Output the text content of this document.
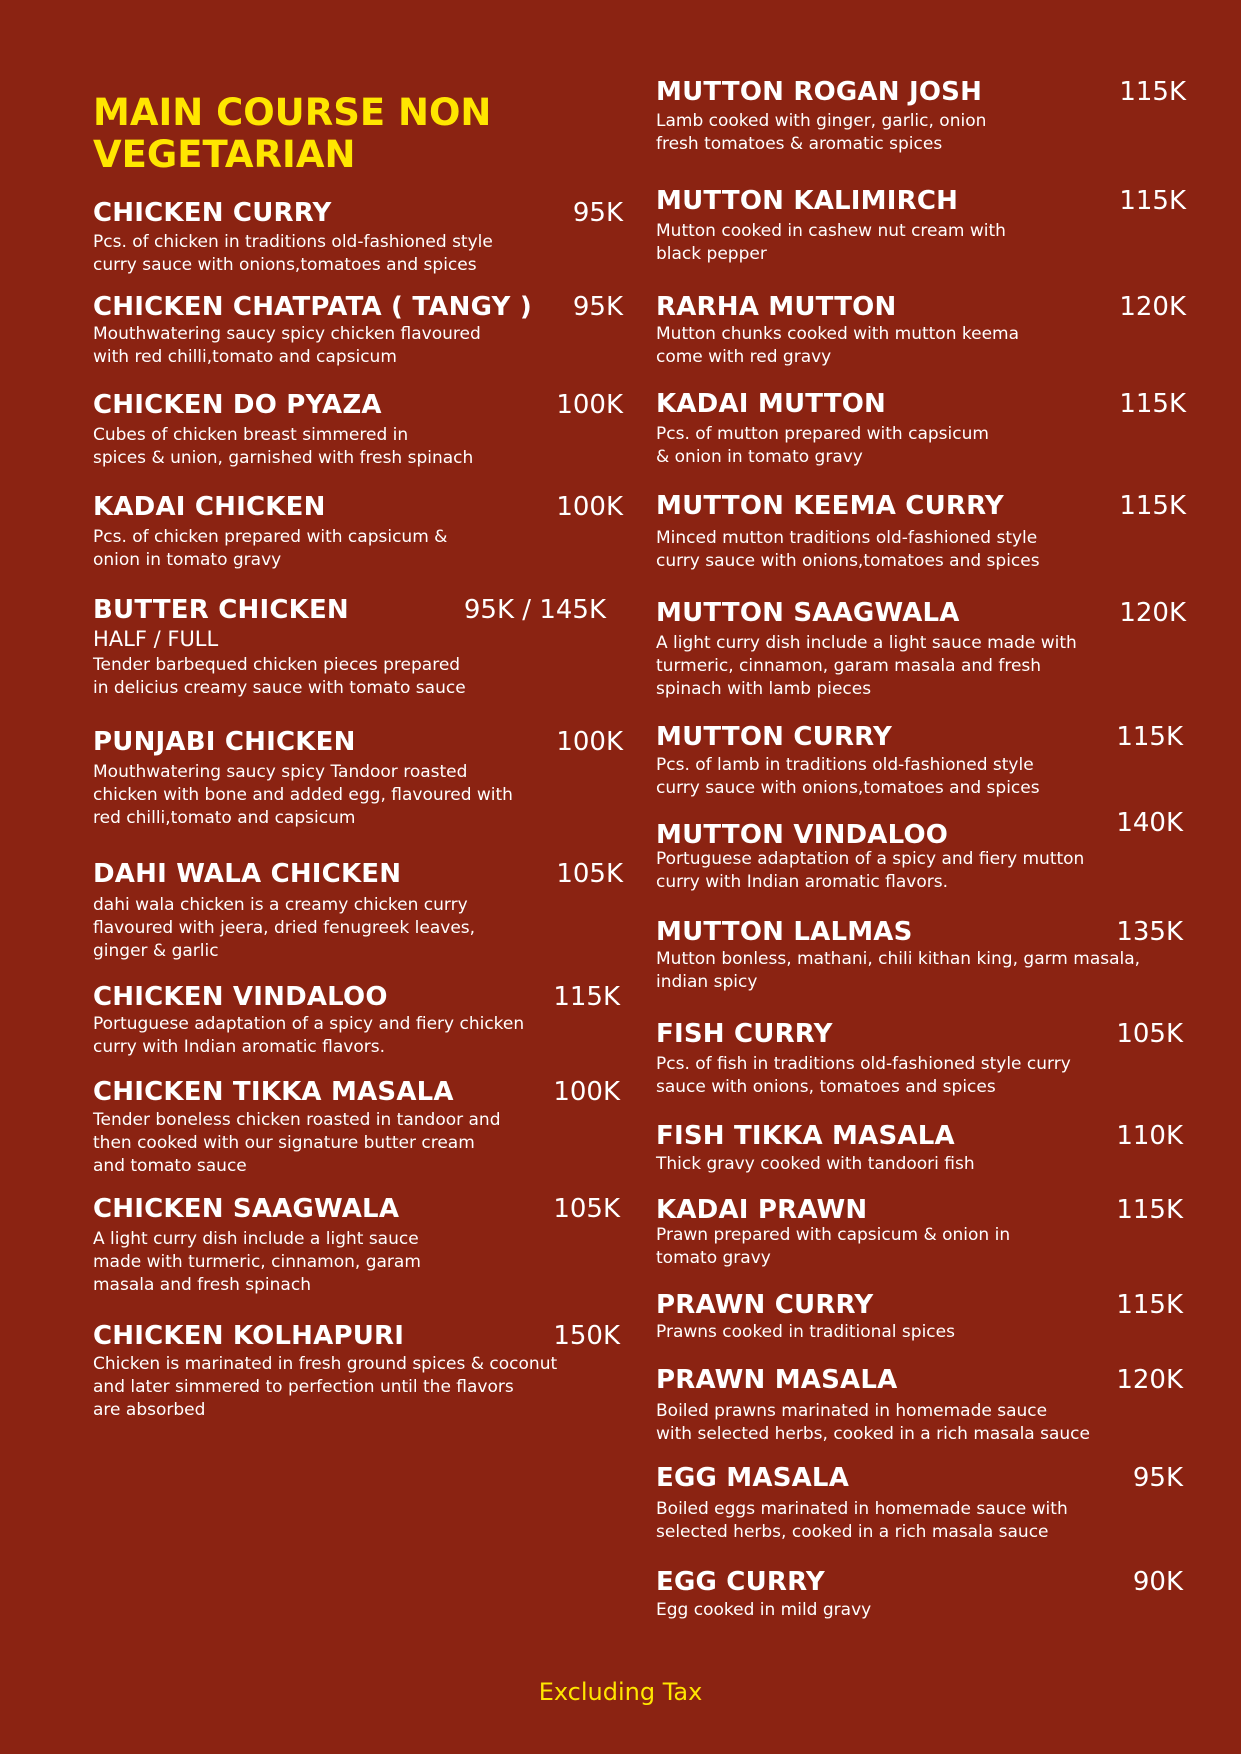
MAIN COURSE NON VEGETARIAN
CHICKEN CURRY	95K
Pcs. of chicken in traditions old-fashioned style
curry sauce with onions,tomatoes and spices
CHICKEN CHATPATA ( TANGY ) 95K
Mouthwatering saucy spicy chicken flavoured
with red chilli,tomato and capsicum
CHICKEN DO PYAZA	100K
Cubes of chicken breast simmered in
spices & union, garnished with fresh spinach
KADAI CHICKEN	100K
Pcs. of chicken prepared with capsicum &
onion in tomato gravy
BUTTER CHICKEN	95K / 145K
HALF / FULL
Tender barbequed chicken pieces prepared
in delicius creamy sauce with tomato sauce
PUNJABI CHICKEN	100K
Mouthwatering saucy spicy Tandoor roasted
chicken with bone and added egg, flavoured with
red chilli,tomato and capsicum
DAHI WALA CHICKEN	105K
dahi wala chicken is a creamy chicken curry
flavoured with jeera, dried fenugreek leaves,
ginger & garlic
CHICKEN VINDALOO	115K
Portuguese adaptation of a spicy and fiery chicken
curry with Indian aromatic flavors.
CHICKEN TIKKA MASALA	100K
Tender boneless chicken roasted in tandoor and
then cooked with our signature butter cream
and tomato sauce
CHICKEN SAAGWALA	105K
A light curry dish include a light sauce
made with turmeric, cinnamon, garam
masala and fresh spinach
CHICKEN KOLHAPURI	150K
Chicken is marinated in fresh ground spices & coconut
and later simmered to perfection until the flavors
are absorbed
MUTTON ROGAN JOSH	115K
Lamb cooked with ginger, garlic, onion
fresh tomatoes & aromatic spices
MUTTON KALIMIRCH	115K
Mutton cooked in cashew nut cream with
black pepper
RARHA MUTTON	120K
Mutton chunks cooked with mutton keema
come with red gravy
KADAI MUTTON	115K
Pcs. of mutton prepared with capsicum
& onion in tomato gravy
MUTTON KEEMA CURRY	115K
Minced mutton traditions old-fashioned style
curry sauce with onions,tomatoes and spices
MUTTON SAAGWALA	120K
A light curry dish include a light sauce made with
turmeric, cinnamon, garam masala and fresh
spinach with lamb pieces
MUTTON CURRY	115K
Pcs. of lamb in traditions old-fashioned style
curry sauce with onions,tomatoes and spices
MUTTON VINDALOO	140K
Portuguese adaptation of a spicy and fiery mutton
curry with Indian aromatic flavors.
MUTTON LALMAS	135K
Mutton bonless, mathani, chili kithan king, garm masala,
indian spicy
FISH CURRY	105K
Pcs. of fish in traditions old-fashioned style curry
sauce with onions, tomatoes and spices
FISH TIKKA MASALA	110K
Thick gravy cooked with tandoori fish
KADAI PRAWN	115K
Prawn prepared with capsicum & onion in
tomato gravy
PRAWN CURRY	115K
Prawns cooked in traditional spices
PRAWN MASALA	120K
Boiled prawns marinated in homemade sauce
with selected herbs, cooked in a rich masala sauce
EGG MASALA	95K
Boiled eggs marinated in homemade sauce with
selected herbs, cooked in a rich masala sauce
EGG CURRY	90K
Egg cooked in mild gravy
Excluding Tax
